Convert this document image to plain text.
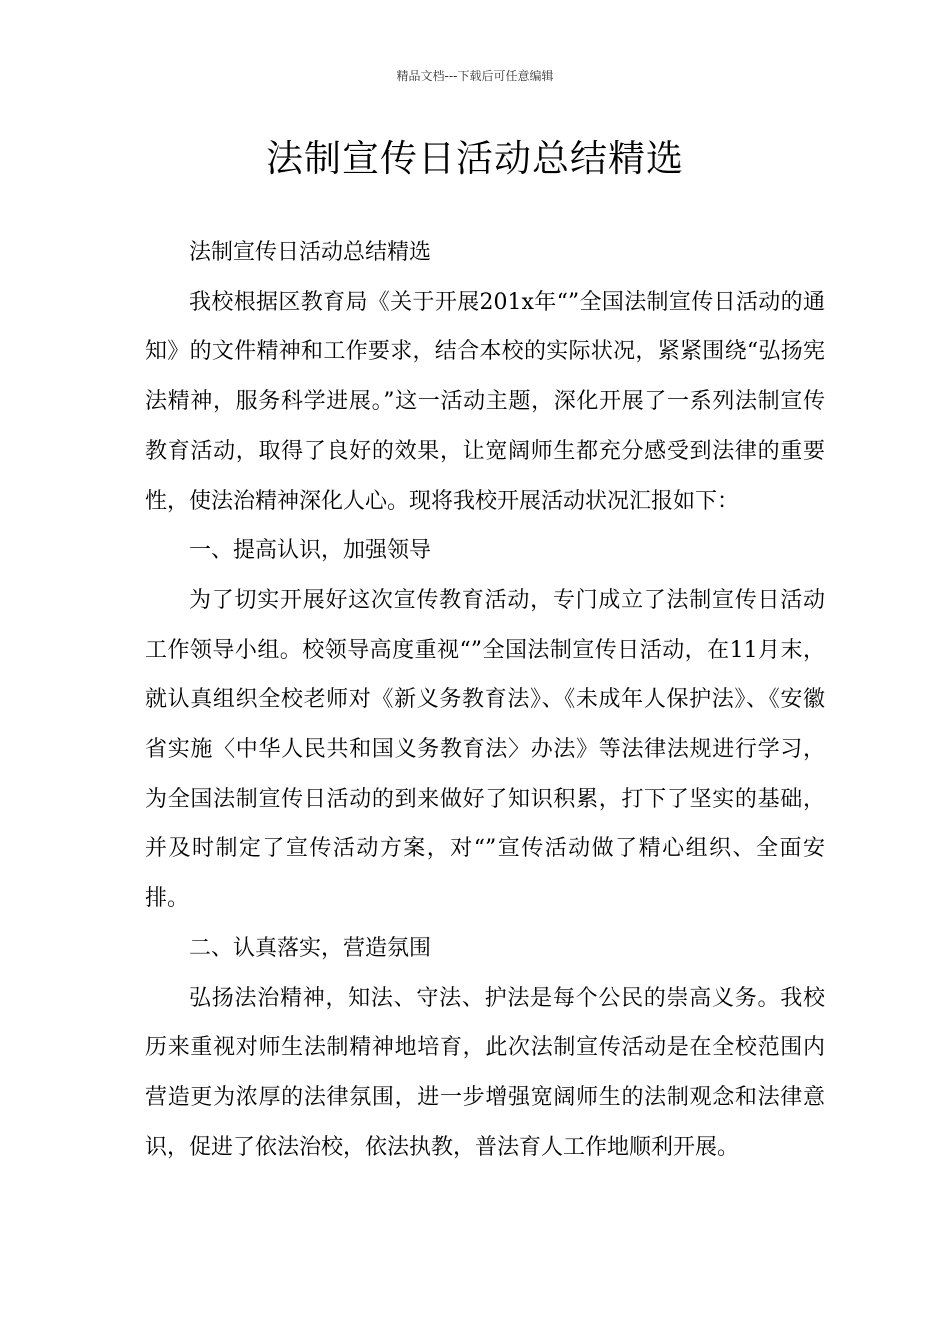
精品文档---下载后可任意编辑
法制宣传日活动总结精选

法制宣传日活动总结精选

我校根据区教育局《关于开展201x年“”全国法制宣传日活动的通知》的文件精神和工作要求，结合本校的实际状况，紧紧围绕“弘扬宪法精神，服务科学进展。”这一活动主题，深化开展了一系列法制宣传教育活动，取得了良好的效果，让宽阔师生都充分感受到法律的重要性，使法治精神深化人心。现将我校开展活动状况汇报如下：

一、提高认识，加强领导

为了切实开展好这次宣传教育活动，专门成立了法制宣传日活动工作领导小组。校领导高度重视“”全国法制宣传日活动，在11月末，就认真组织全校老师对《新义务教育法》、《未成年人保护法》、《安徽省实施〈中华人民共和国义务教育法〉办法》等法律法规进行学习，为全国法制宣传日活动的到来做好了知识积累，打下了坚实的基础，并及时制定了宣传活动方案，对“”宣传活动做了精心组织、全面安排。

二、认真落实，营造氛围

弘扬法治精神，知法、守法、护法是每个公民的崇高义务。我校历来重视对师生法制精神地培育，此次法制宣传活动是在全校范围内营造更为浓厚的法律氛围，进一步增强宽阔师生的法制观念和法律意识，促进了依法治校，依法执教，普法育人工作地顺利开展。
